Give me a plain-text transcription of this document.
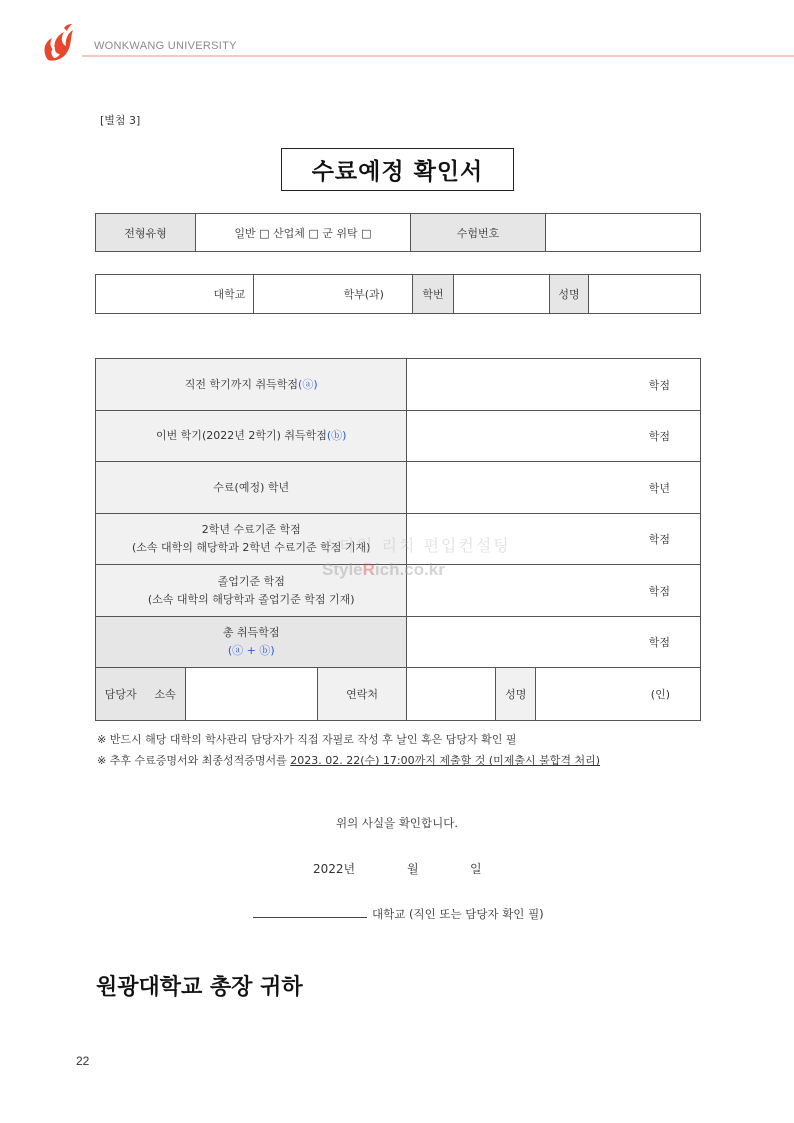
WONKWANG UNIVERSITY
[별첨 3]
수료예정 확인서
전형유형	일반 □ 산업체 □ 군 위탁 □	수험번호	
	대학교		학부(과)	학번		성명	
직전 학기까지 취득학점(ⓐ)				학점		
이번 학기(2022년 2학기) 취득학점(ⓑ)				학점		
수료(예정) 학년				학년		

2학년 수료기준 학점
(소속 대학의 해당학과 2학년 수료기준 학점 기재)				학점		

졸업기준 학점
(소속 대학의 해당학과 졸업기준 학점 기재)				학점		

총 취득학점
(ⓐ + ⓑ)				학점		
담당자	소속		연락처		성명	(인)
스타일 리치 편입컨설팅
StyleRich.co.kr
※ 반드시 해당 대학의 학사관리 담당자가 직접 자필로 작성 후 날인 혹은 담당자 확인 필
※ 추후 수료증명서와 최종성적증명서를 2023. 02. 22(수) 17:00까지 제출할 것 (미제출시 불합격 처리)
위의 사실을 확인합니다.
2022년	월	일
대학교 (직인 또는 담당자 확인 필)
원광대학교 총장 귀하
22
